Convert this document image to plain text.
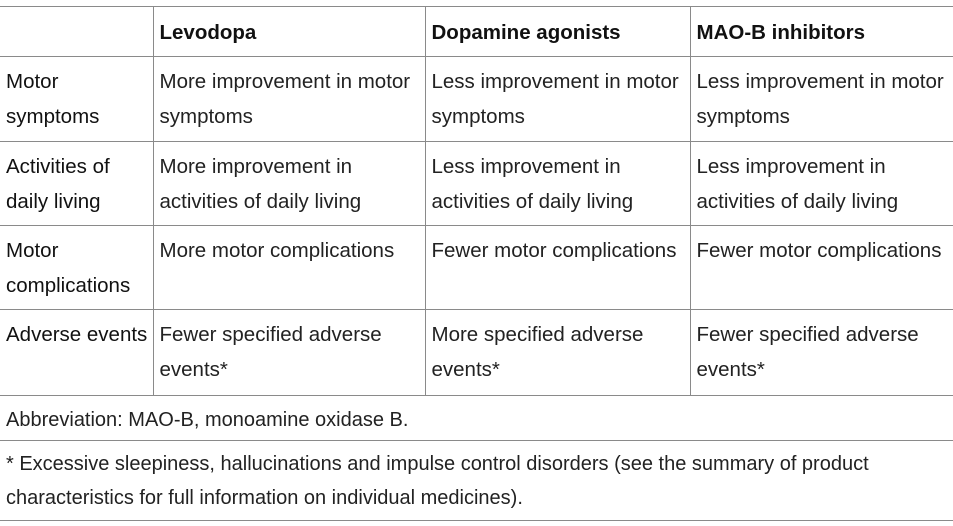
	Levodopa	Dopamine agonists	MAO-B inhibitors
Motor symptoms	More improvement in motor symptoms	Less improvement in motor symptoms	Less improvement in motor symptoms
Activities of daily living	More improvement in activities of daily living	Less improvement in activities of daily living	Less improvement in activities of daily living
Motor complications	More motor complications	Fewer motor complications	Fewer motor complications
Adverse events	Fewer specified adverse events*	More specified adverse events*	Fewer specified adverse events*
Abbreviation: MAO-B, monoamine oxidase B.
* Excessive sleepiness, hallucinations and impulse control disorders (see the summary of product characteristics for full information on individual medicines).
